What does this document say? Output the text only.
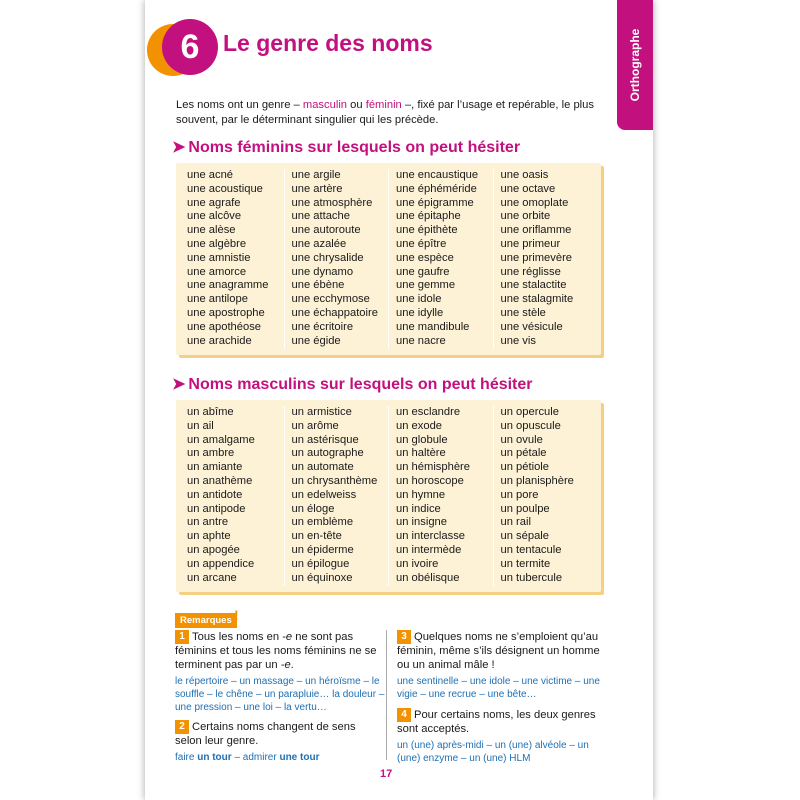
6	Le genre des noms	Orthographe
Les noms ont un genre – masculin ou féminin –, fixé par l’usage et repérable, le plus souvent, par le déterminant singulier qui les précède.
➤ Noms féminins sur lesquels on peut hésiter
une acné
une acoustique
une agrafe
une alcôve
une alèse
une algèbre
une amnistie
une amorce
une anagramme
une antilope
une apostrophe
une apothéose
une arachide
une argile
une artère
une atmosphère
une attache
une autoroute
une azalée
une chrysalide
une dynamo
une ébène
une ecchymose
une échappatoire
une écritoire
une égide
une encaustique
une éphéméride
une épigramme
une épitaphe
une épithète
une épître
une espèce
une gaufre
une gemme
une idole
une idylle
une mandibule
une nacre
une oasis
une octave
une omoplate
une orbite
une oriflamme
une primeur
une primevère
une réglisse
une stalactite
une stalagmite
une stèle
une vésicule
une vis
➤ Noms masculins sur lesquels on peut hésiter
un abîme
un ail
un amalgame
un ambre
un amiante
un anathème
un antidote
un antipode
un antre
un aphte
un apogée
un appendice
un arcane
un armistice
un arôme
un astérisque
un autographe
un automate
un chrysanthème
un edelweiss
un éloge
un emblème
un en-tête
un épiderme
un épilogue
un équinoxe
un esclandre
un exode
un globule
un haltère
un hémisphère
un horoscope
un hymne
un indice
un insigne
un interclasse
un intermède
un ivoire
un obélisque
un opercule
un opuscule
un ovule
un pétale
un pétiole
un planisphère
un pore
un poulpe
un rail
un sépale
un tentacule
un termite
un tubercule
Remarques !
1 Tous les noms en -e ne sont pas féminins et tous les noms féminins ne se terminent pas par un -e.
le répertoire – un massage – un héroïsme – le souffle – le chêne – un parapluie… la douleur – une pression – une loi – la vertu…
2 Certains noms changent de sens selon leur genre.
faire un tour – admirer une tour
3 Quelques noms ne s’emploient qu’au féminin, même s’ils désignent un homme ou un animal mâle !
une sentinelle – une idole – une victime – une vigie – une recrue – une bête…
4 Pour certains noms, les deux genres sont acceptés.
un (une) après-midi – un (une) alvéole – un (une) enzyme – un (une) HLM
17
